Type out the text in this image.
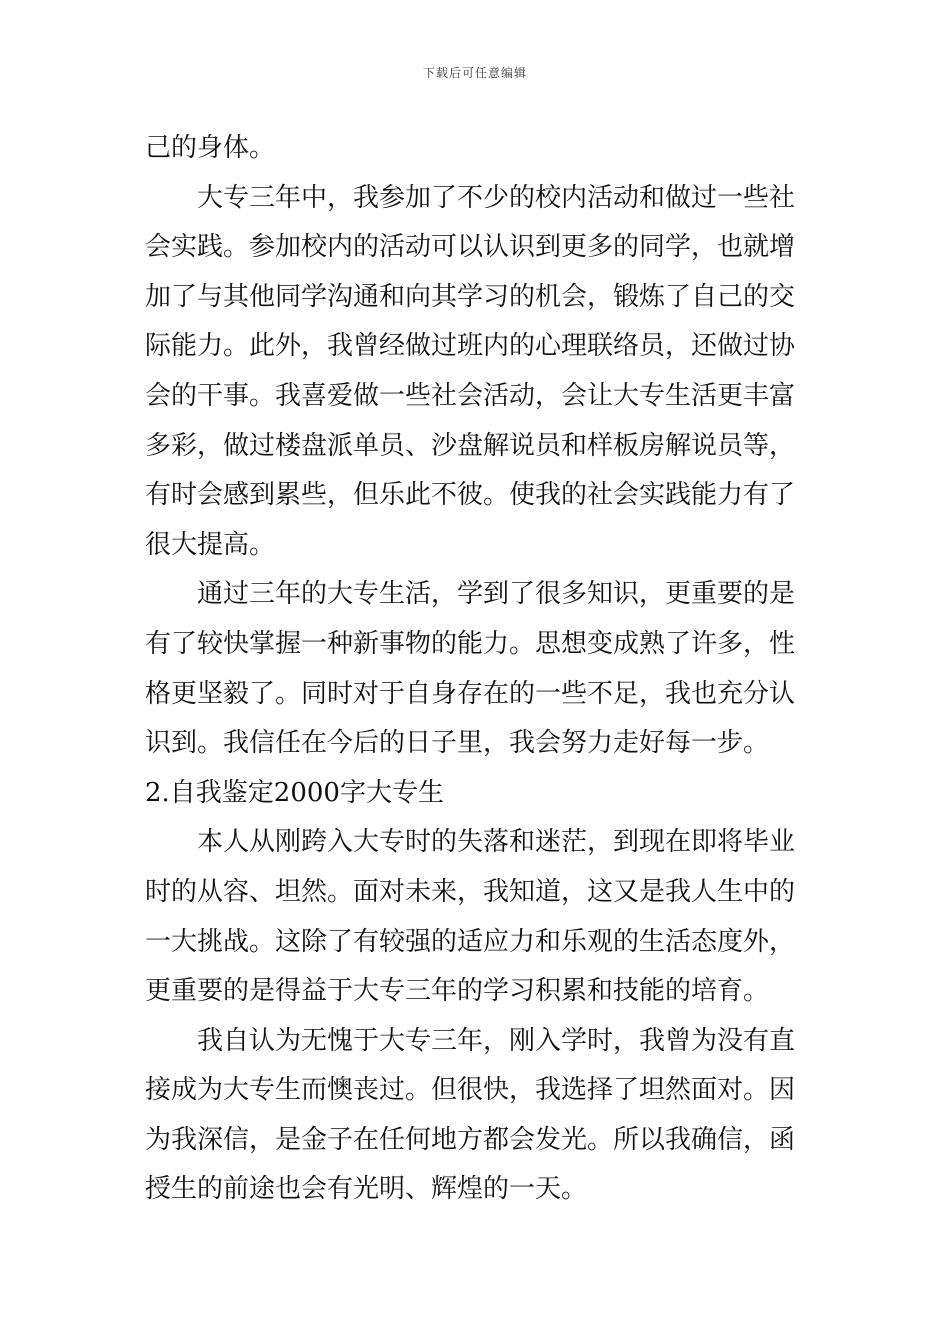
下载后可任意编辑
己的身体。
大专三年中，我参加了不少的校内活动和做过一些社
会实践。参加校内的活动可以认识到更多的同学，也就增
加了与其他同学沟通和向其学习的机会，锻炼了自己的交
际能力。此外，我曾经做过班内的心理联络员，还做过协
会的干事。我喜爱做一些社会活动，会让大专生活更丰富
多彩，做过楼盘派单员、沙盘解说员和样板房解说员等，
有时会感到累些，但乐此不彼。使我的社会实践能力有了
很大提高。
通过三年的大专生活，学到了很多知识，更重要的是
有了较快掌握一种新事物的能力。思想变成熟了许多，性
格更坚毅了。同时对于自身存在的一些不足，我也充分认
识到。我信任在今后的日子里，我会努力走好每一步。
2.自我鉴定2000字大专生
本人从刚跨入大专时的失落和迷茫，到现在即将毕业
时的从容、坦然。面对未来，我知道，这又是我人生中的
一大挑战。这除了有较强的适应力和乐观的生活态度外，
更重要的是得益于大专三年的学习积累和技能的培育。
我自认为无愧于大专三年，刚入学时，我曾为没有直
接成为大专生而懊丧过。但很快，我选择了坦然面对。因
为我深信，是金子在任何地方都会发光。所以我确信，函
授生的前途也会有光明、辉煌的一天。
